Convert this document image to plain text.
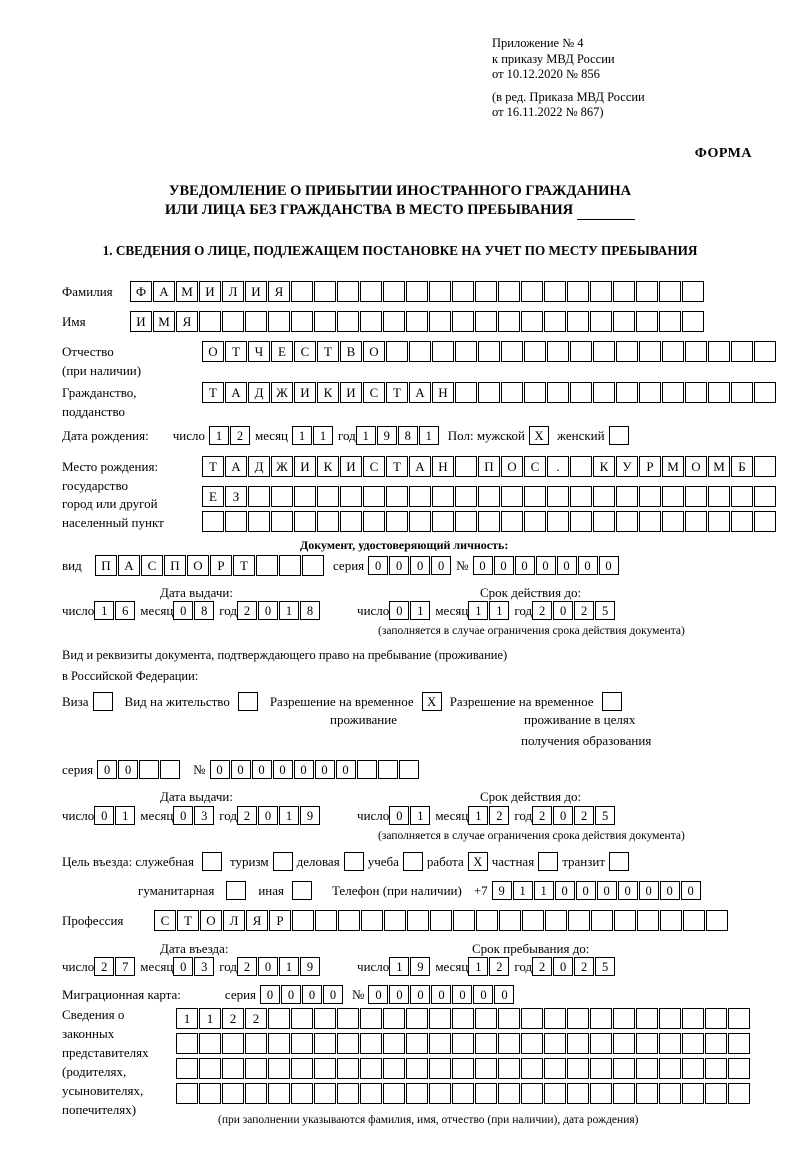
Приложение № 4
к приказу МВД России
от 10.12.2020 № 856
(в ред. Приказа МВД России
от 16.11.2022 № 867)
ФОРМА
УВЕДОМЛЕНИЕ О ПРИБЫТИИ ИНОСТРАННОГО ГРАЖДАНИНА
ИЛИ ЛИЦА БЕЗ ГРАЖДАНСТВА В МЕСТО ПРЕБЫВАНИЯ
1. СВЕДЕНИЯ О ЛИЦЕ, ПОДЛЕЖАЩЕМ ПОСТАНОВКЕ НА УЧЕТ ПО МЕСТУ ПРЕБЫВАНИЯ
Фамилия	Ф	А М И	Л	И	Я
Имя	И М Я
Отчество	О	Т	Ч	Е	С	Т	В	О
(при наличии)
Гражданство,	Т	А	Д Ж И	К	И	С	Т	А	Н
подданство
Дата рождения: число 1	2 месяц 1	1 год 1	9	8	1	Пол: мужской Х	женский
Место рождения:	Т	А	Д Ж И	К	И	С	Т	А	Н	П	О	С	.	К	У	Р	М О М	Б
государство
Е	З
город или другой
населенный пункт
Документ, удостоверяющий личность:
вид	П	А	С	П	О	Р	Т	серия 0	0	0	0 № 0	0	0	0	0	0	0
Дата выдачи:	Срок действия до:
число 1	6 месяц 0	8 год 2	0	1	8	число 0	1 месяц 1	1 год 2	0	2	5
(заполняется в случае ограничения срока действия документа)
Вид и реквизиты документа, подтверждающего право на пребывание (проживание)
в Российской Федерации:
Виза	Вид на жительство	Разрешение на временное	Х	Разрешение на временное
проживание	проживание в целях
получения образования
серия 0	0	№ 0	0	0	0	0	0	0
Дата выдачи:	Срок действия до:
число 0	1 месяц 0	3 год 2	0	1	9	число 0	1 месяц 1	2 год 2	0	2	5
(заполняется в случае ограничения срока действия документа)
Цель въезда: служебная	туризм деловая учеба работа Х частная транзит
гуманитарная	иная	Телефон (при наличии) +7 9	1	1	0	0	0	0	0	0	0
Профессия	С	Т	О	Л	Я	Р
Дата въезда:	Срок пребывания до:
число 2	7 месяц 0	3 год 2	0	1	9	число 1	9 месяц 1	2 год 2	0	2	5
Миграционная карта:	серия 0	0	0	0	№ 0	0	0	0	0	0	0
Сведения о
законных
представителях
(родителях,
усыновителях,
попечителях)
1	1	2	2
(при заполнении указываются фамилия, имя, отчество (при наличии), дата рождения)
